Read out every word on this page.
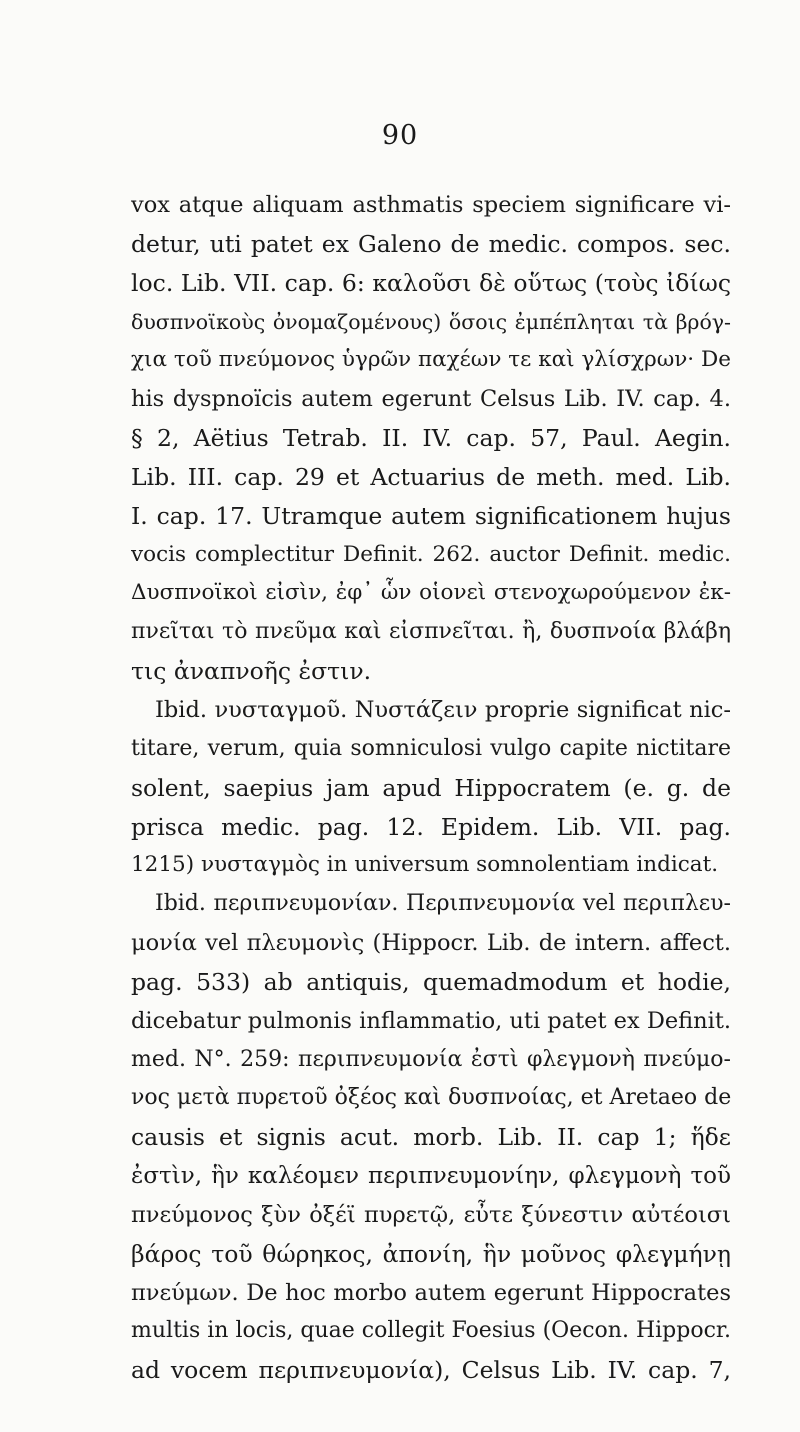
90
vox atque aliquam asthmatis speciem significare vi-
detur, uti patet ex Galeno de medic. compos. sec.
loc. Lib. VII. cap. 6: καλοῦσι δὲ οὕτως (τοὺς ἰδίως
δυσπνοϊκοὺς ὀνομαζομένους) ὅσοις ἐμπέπληται τὰ βρόγ-
χια τοῦ πνεύμονος ὑγρῶν παχέων τε καὶ γλίσχρων· De
his dyspnoïcis autem egerunt Celsus Lib. IV. cap. 4.
§ 2, Aëtius Tetrab. II. IV. cap. 57, Paul. Aegin.
Lib. III. cap. 29 et Actuarius de meth. med. Lib.
I. cap. 17. Utramque autem significationem hujus
vocis complectitur Definit. 262. auctor Definit. medic.
Δυσπνοϊκοὶ εἰσὶν, ἐφ᾽ ὧν οἱονεὶ στενοχωρούμενον ἐκ-
πνεῖται τὸ πνεῦμα καὶ εἰσπνεῖται. ἢ, δυσπνοία βλάβη
τις ἀναπνοῆς ἐστιν.
Ibid. νυσταγμοῦ. Νυστάζειν proprie significat nic-
titare, verum, quia somniculosi vulgo capite nictitare
solent, saepius jam apud Hippocratem (e. g. de
prisca medic. pag. 12. Epidem. Lib. VII. pag.
1215) νυσταγμὸς in universum somnolentiam indicat.
Ibid. περιπνευμονίαν. Περιπνευμονία vel περιπλευ-
μονία vel πλευμονὶς (Hippocr. Lib. de intern. affect.
pag. 533) ab antiquis, quemadmodum et hodie,
dicebatur pulmonis inflammatio, uti patet ex Definit.
med. N°. 259: περιπνευμονία ἐστὶ φλεγμονὴ πνεύμο-
νος μετὰ πυρετοῦ ὀξέος καὶ δυσπνοίας, et Aretaeo de
causis et signis acut. morb. Lib. II. cap 1; ἥδε
ἐστὶν, ἣν καλέομεν περιπνευμονίην, φλεγμονὴ τοῦ
πνεύμονος ξὺν ὀξέϊ πυρετῷ, εὖτε ξύνεστιν αὐτέοισι
βάρος τοῦ θώρηκος, ἀπονίη, ἣν μοῦνος φλεγμήνῃ
πνεύμων. De hoc morbo autem egerunt Hippocrates
multis in locis, quae collegit Foesius (Oecon. Hippocr.
ad vocem περιπνευμονία), Celsus Lib. IV. cap. 7,
